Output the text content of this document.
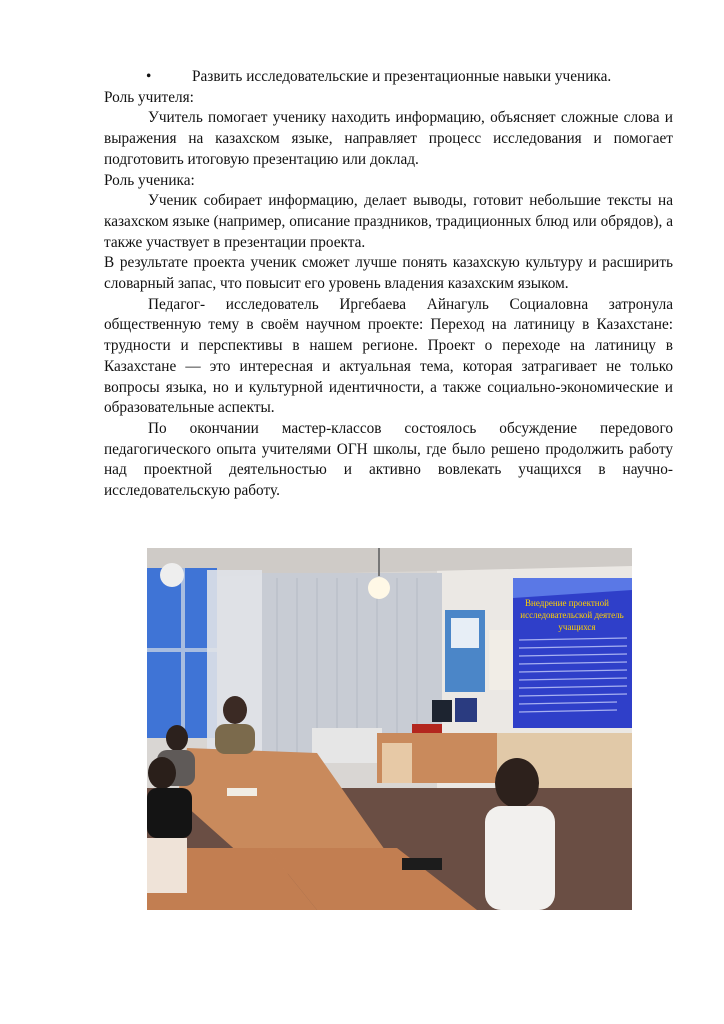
•	Развить исследовательские и презентационные навыки ученика.

Роль учителя:

Учитель помогает ученику находить информацию, объясняет сложные слова и выражения на казахском языке, направляет процесс исследования и помогает подготовить итоговую презентацию или доклад.

Роль ученика:

Ученик собирает информацию, делает выводы, готовит небольшие тексты на казахском языке (например, описание праздников, традиционных блюд или обрядов), а также участвует в презентации проекта.

В результате проекта ученик сможет лучше понять казахскую культуру и расширить словарный запас, что повысит его уровень владения казахским языком.

Педагог- исследователь Иргебаева Айнагуль Социаловна затронула общественную тему в своём научном проекте: Переход на латиницу в Казахстане: трудности и перспективы в нашем регионе. Проект о переходе на латиницу в Казахстане — это интересная и актуальная тема, которая затрагивает не только вопросы языка, но и культурной идентичности, а также социально-экономические и образовательные аспекты.

По окончании мастер-классов состоялось обсуждение передового педагогического опыта учителями ОГН школы, где было решено продолжить работу над проектной деятельностью и активно вовлекать учащихся в научно-исследовательскую работу.

Внедрение проектной
исследовательской деятель
учащихся
